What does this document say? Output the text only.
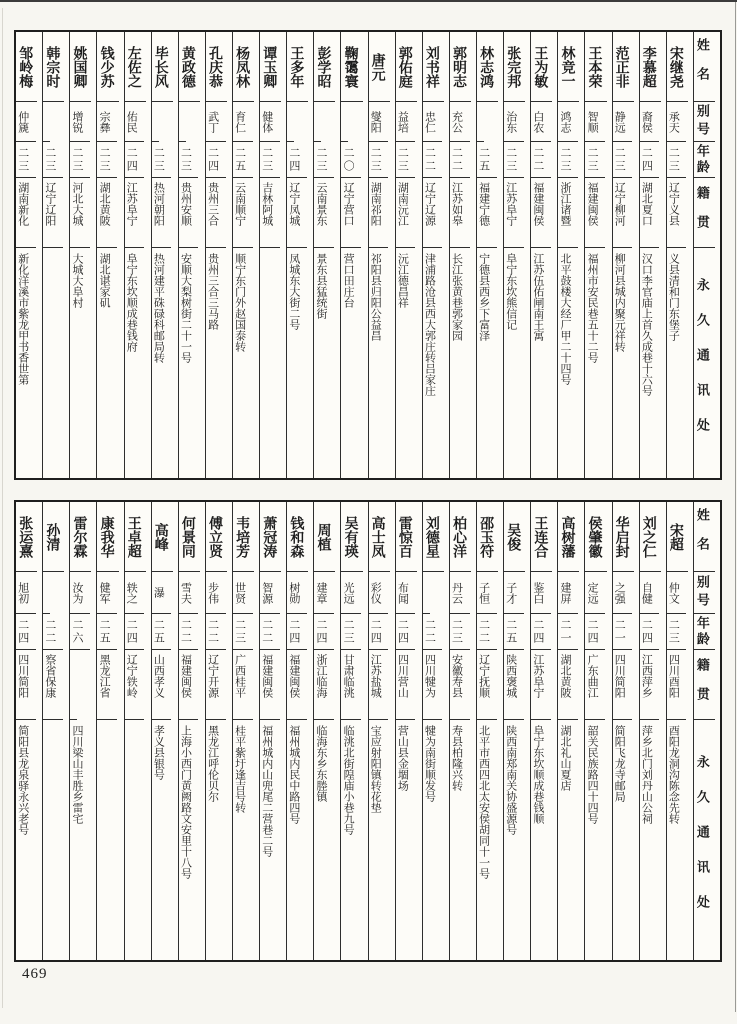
姓名
别号
年龄
籍贯
永久通讯处
宋继尧
承天
二三
辽宁义县
义县清和门东堡子
李慕超
裔侯
二四
湖北夏口
汉口李官庙上首久成巷十六号
范正非
静远
二三
辽宁柳河
柳河县城内聚元祥转
王本荣
智顺
二三
福建闽侯
福州市安民巷五十二号
林竞一
鸿志
二三
浙江诸暨
北平鼓楼大经厂甲二十四号
王为敏
白农
二二
福建闽侯
江苏伍佑闸南王寓
张完邦
治东
二三
江苏阜宁
阜宁东坎熊信记
林志鸿
二五
福建宁德
宁德县西乡下富泽
郭明志
充公
二二
江苏如皋
长江张黄巷郭家园
刘书祥
忠仁
二二
辽宁辽源
津浦路沧县西大郭庄转吕家庄
郭佑庭
益培
二三
湖南沅江
沅江德昌祥
唐元
燮阳
二三
湖南祁阳
祁阳县归阳公益昌
鞠霭寰
二〇
辽宁营口
营口田庄台
彭学昭
二三
云南景东
景东县猛统街
王多年
二四
辽宁凤城
凤城东大街二号
谭玉卿
健体
二三
吉林阿城
杨凤林
育仁
二五
云南顺宁
顺宁东门外赵国泰转
孔庆恭
武丁
二四
贵州三合
贵州三合三马路
黄政德
二三
贵州安顺
安顺大梨树街二十一号
毕长风
二三
热河朝阳
热河建平硃碌科邮局转
左佐之
佑民
二四
江苏阜宁
阜宁东坎顺成巷钱府
钱少苏
宗彝
二三
湖北黄陂
湖北谌家矶
姚国卿
增锐
二三
河北大城
大城大阜村
韩宗时
二三
辽宁辽阳
邹岭梅
仲篪
二三
湖南新化
新化洋溪市紫龙甲书香世第
姓名
别号
年龄
籍贯
永久通讯处
宋超
仲文
二三
四川酉阳
酉阳龙洞沟陈念先转
刘之仁
自健
二四
江西萍乡
萍乡北门刘丹山公祠
华启封
之强
二一
四川简阳
简阳飞龙寺邮局
侯肇徽
定远
二四
广东曲江
韶关民族路四十四号
高树藩
建屏
二一
湖北黄陂
湖北礼山夏店
王连合
鉴白
二四
江苏阜宁
阜宁东坎顺成巷钱顺
吴俊
子才
二五
陕西褒城
陕西南郑南关协盛源号
邵玉符
子恒
二二
辽宁抚顺
北平市西四北太安侯胡同十一号
柏心洋
丹云
二三
安徽寿县
寿县柏隆兴转
刘德星
二二
四川犍为
犍为南街顺发号
雷惊百
布闻
二四
四川营山
营山县金堌场
高士凤
彩仪
二四
江苏盐城
宝应射阳镇转花垫
吴有瑛
光远
二三
甘肃临洮
临洮北街隍庙小巷九号
周植
建章
二四
浙江临海
临海东乡东塍镇
钱和森
树勋
二四
福建闽侯
福州城内民中路四号
萧冠涛
智源
二二
福建闽侯
福州城内山兜尾二营巷二号
韦培芳
世贤
二三
广西桂平
桂平紫圩逢吉号转
傅立贤
步伟
二二
辽宁开源
黑龙江呼伦贝尔
何景同
雪夫
二二
福建闽侯
上海小西门黄阙路文安里十八号
高峰
瀑
二五
山西孝义
孝义县银号
王卓超
轶之
二四
辽宁铁岭
康我华
健军
二五
黑龙江省
雷尔霖
汝为
二六
四川梁山丰胜乡雷宅
孙清
二二
察省保康
张运熹
旭初
二四
四川简阳
简阳县龙泉驿永兴老号
469
